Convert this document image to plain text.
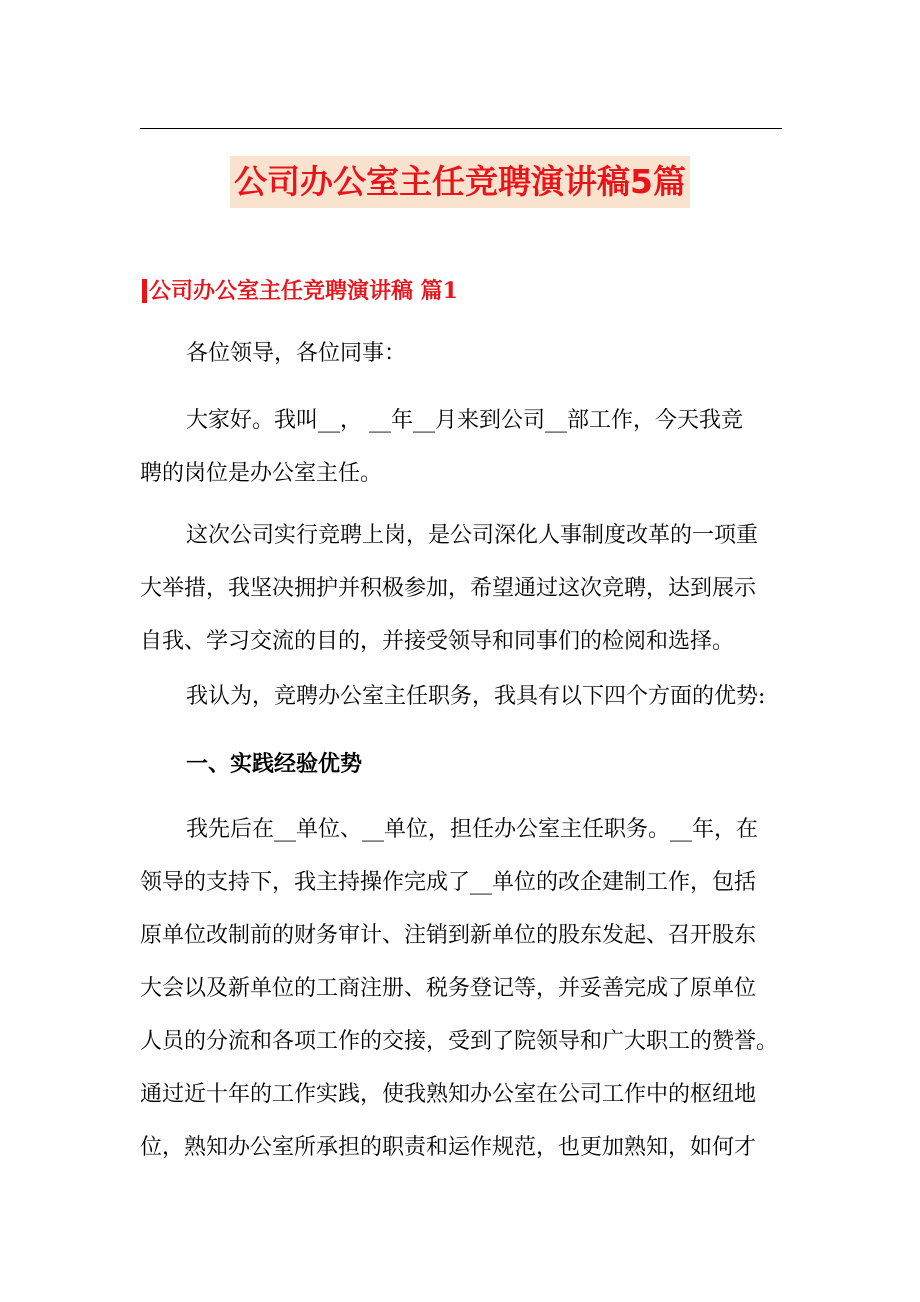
公司办公室主任竞聘演讲稿5篇
公司办公室主任竞聘演讲稿 篇1
各位领导，各位同事：
大家好。我叫__， __年__月来到公司__部工作，今天我竞
聘的岗位是办公室主任。
这次公司实行竞聘上岗，是公司深化人事制度改革的一项重
大举措，我坚决拥护并积极参加，希望通过这次竞聘，达到展示
自我、学习交流的目的，并接受领导和同事们的检阅和选择。
我认为，竞聘办公室主任职务，我具有以下四个方面的优势:
一、实践经验优势
我先后在__单位、__单位，担任办公室主任职务。__年，在
领导的支持下，我主持操作完成了__单位的改企建制工作，包括
原单位改制前的财务审计、注销到新单位的股东发起、召开股东
大会以及新单位的工商注册、税务登记等，并妥善完成了原单位
人员的分流和各项工作的交接，受到了院领导和广大职工的赞誉。
通过近十年的工作实践，使我熟知办公室在公司工作中的枢纽地
位，熟知办公室所承担的职责和运作规范，也更加熟知，如何才
